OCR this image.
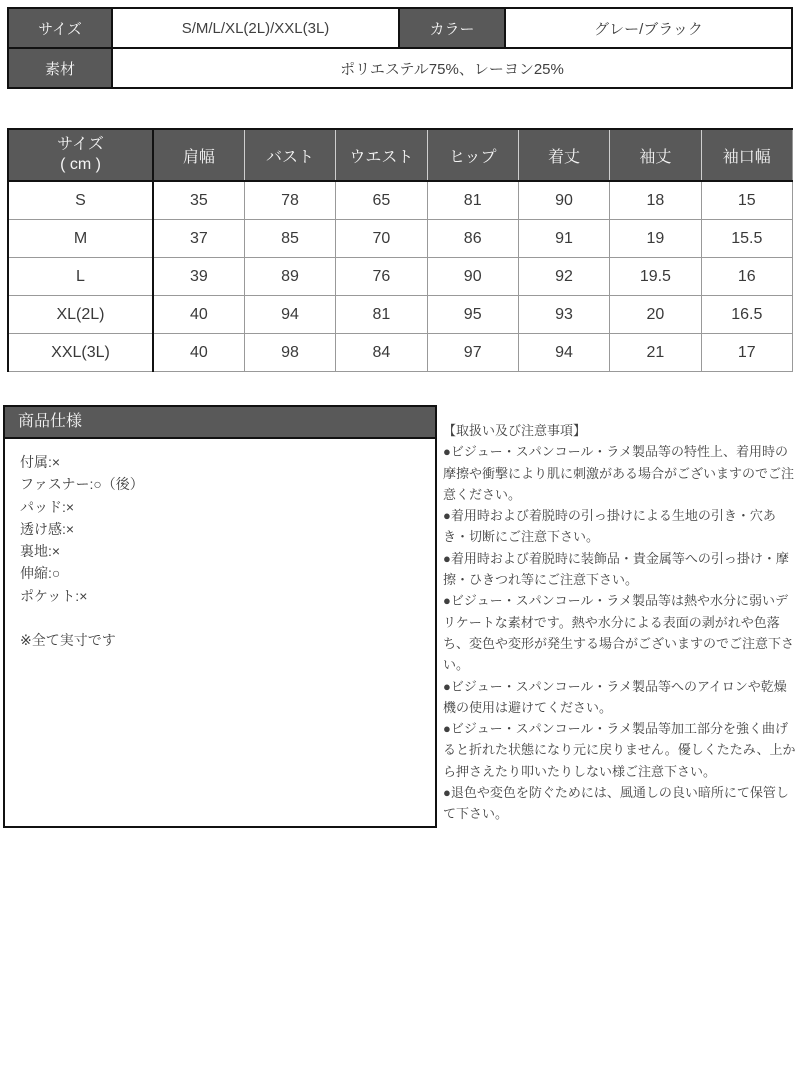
サイズ	S/M/L/XL(2L)/XXL(3L)	カラー	グレー/ブラック
素材	ポリエステル75%、レーヨン25%		
サイズ
( cm )	肩幅	バスト	ウエスト	ヒップ	着丈	袖丈	袖口幅
S	35	78	65	81	90	18	15
M	37	85	70	86	91	19	15.5
L	39	89	76	90	92	19.5	16
XL(2L)	40	94	81	95	93	20	16.5
XXL(3L)	40	98	84	97	94	21	17
商品仕様

付属:×

ファスナー:○（後）

パッド:×

透け感:×

裏地:×

伸縮:○

ポケット:×

※全て実寸です

【取扱い及び注意事項】

●ビジュー・スパンコール・ラメ製品等の特性上、着用時の摩擦や衝撃により肌に刺激がある場合がございますのでご注意ください。

●着用時および着脱時の引っ掛けによる生地の引き・穴あき・切断にご注意下さい。

●着用時および着脱時に装飾品・貴金属等への引っ掛け・摩擦・ひきつれ等にご注意下さい。

●ビジュー・スパンコール・ラメ製品等は熱や水分に弱いデリケートな素材です。熱や水分による表面の剥がれや色落ち、変色や変形が発生する場合がございますのでご注意下さい。

●ビジュー・スパンコール・ラメ製品等へのアイロンや乾燥機の使用は避けてください。

●ビジュー・スパンコール・ラメ製品等加工部分を強く曲げると折れた状態になり元に戻りません。優しくたたみ、上から押さえたり叩いたりしない様ご注意下さい。

●退色や変色を防ぐためには、風通しの良い暗所にて保管して下さい。
